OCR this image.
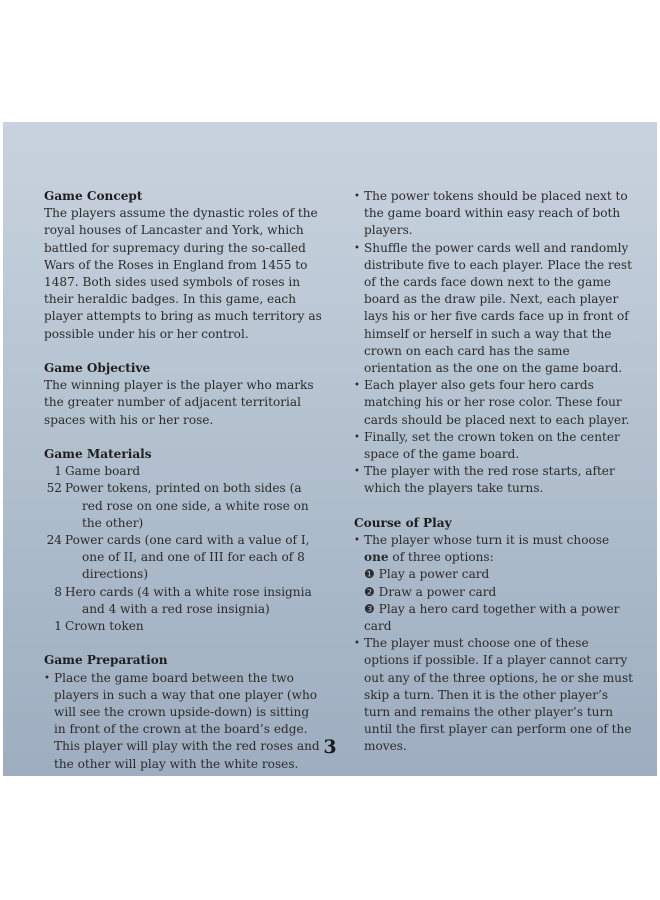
Game Concept

The players assume the dynastic roles of the royal houses of Lancaster and York, which battled for supremacy during the so-called Wars of the Roses in England from 1455 to 1487. Both sides used symbols of roses in their heraldic badges. In this game, each player attempts to bring as much territory as possible under his or her control.

Game Objective

The winning player is the player who marks the greater number of adjacent territorial spaces with his or her rose.

Game Materials
1 Game board
52 Power tokens, printed on both sides (a red rose on one side, a white rose on the other)
24 Power cards (one card with a value of I, one of II, and one of III for each of 8 directions)
8 Hero cards (4 with a white rose insignia and 4 with a red rose insignia)
1 Crown token
Game Preparation
• Place the game board between the two players in such a way that one player (who will see the crown upside-down) is sitting in front of the crown at the board’s edge. This player will play with the red roses and the other will play with the white roses.
• The power tokens should be placed next to the game board within easy reach of both players.
• Shuffle the power cards well and randomly distribute five to each player. Place the rest of the cards face down next to the game board as the draw pile. Next, each player lays his or her five cards face up in front of himself or herself in such a way that the crown on each card has the same orientation as the one on the game board.
• Each player also gets four hero cards matching his or her rose color. These four cards should be placed next to each player.
• Finally, set the crown token on the center space of the game board.
• The player with the red rose starts, after which the players take turns.
Course of Play
• The player whose turn it is must choose one of three options:
❶ Play a power card
❷ Draw a power card
❸ Play a hero card together with a power card
• The player must choose one of these options if possible. If a player cannot carry out any of the three options, he or she must skip a turn. Then it is the other player’s turn and remains the other player’s turn until the first player can perform one of the moves.
3
